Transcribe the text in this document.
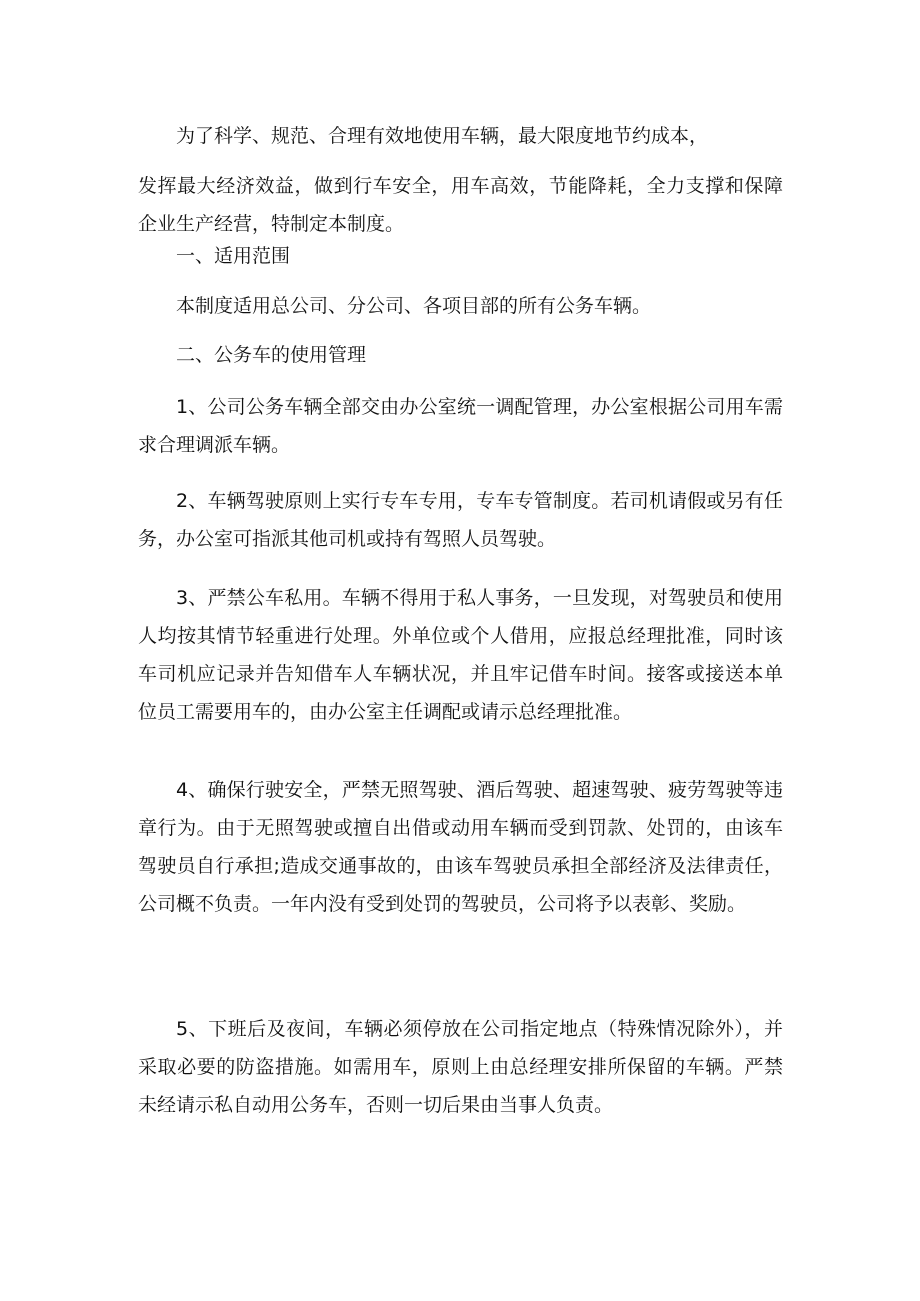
为了科学、规范、合理有效地使用车辆，最大限度地节约成本，

发挥最大经济效益，做到行车安全，用车高效，节能降耗，全力支撑和保障企业生产经营，特制定本制度。

一、适用范围

本制度适用总公司、分公司、各项目部的所有公务车辆。

二、公务车的使用管理

1、公司公务车辆全部交由办公室统一调配管理，办公室根据公司用车需求合理调派车辆。

2、车辆驾驶原则上实行专车专用，专车专管制度。若司机请假或另有任务，办公室可指派其他司机或持有驾照人员驾驶。

3、严禁公车私用。车辆不得用于私人事务，一旦发现，对驾驶员和使用人均按其情节轻重进行处理。外单位或个人借用，应报总经理批准，同时该车司机应记录并告知借车人车辆状况，并且牢记借车时间。接客或接送本单位员工需要用车的，由办公室主任调配或请示总经理批准。

4、确保行驶安全，严禁无照驾驶、酒后驾驶、超速驾驶、疲劳驾驶等违章行为。由于无照驾驶或擅自出借或动用车辆而受到罚款、处罚的，由该车驾驶员自行承担;造成交通事故的，由该车驾驶员承担全部经济及法律责任，公司概不负责。一年内没有受到处罚的驾驶员，公司将予以表彰、奖励。

5、下班后及夜间，车辆必须停放在公司指定地点（特殊情况除外），并采取必要的防盗措施。如需用车，原则上由总经理安排所保留的车辆。严禁未经请示私自动用公务车，否则一切后果由当事人负责。
